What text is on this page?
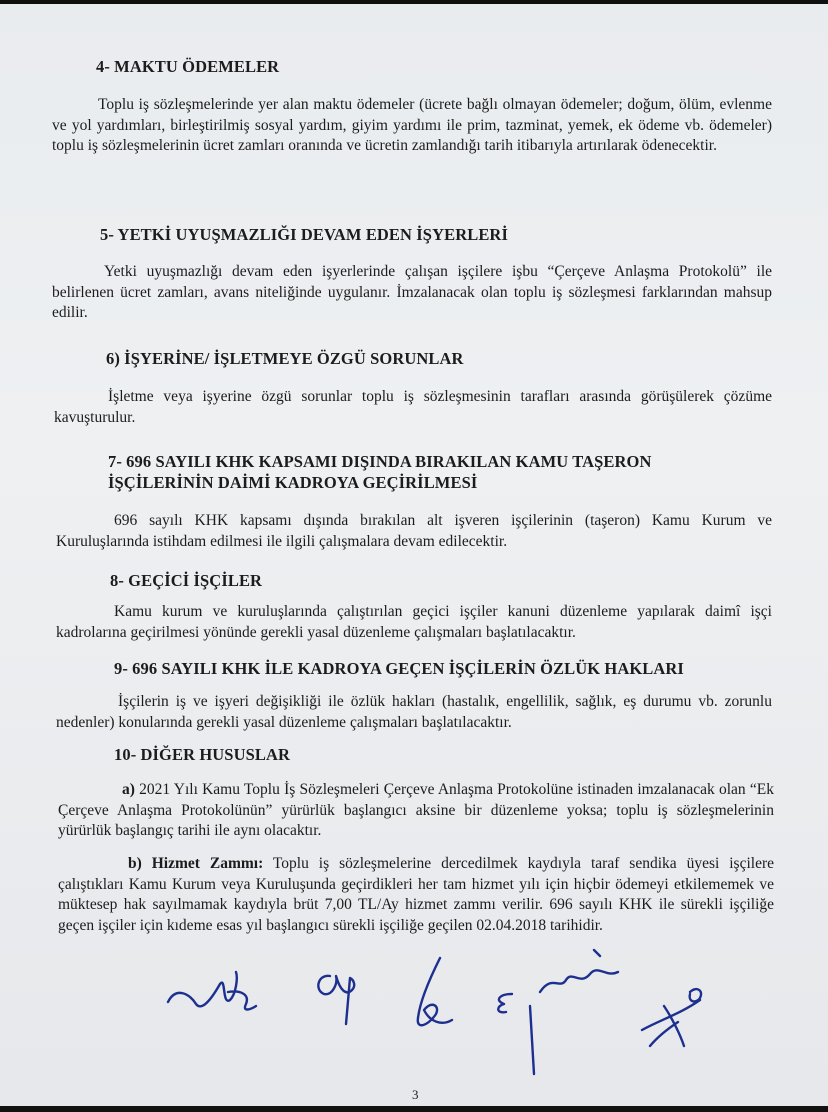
4- MAKTU ÖDEMELER
Toplu iş sözleşmelerinde yer alan maktu ödemeler (ücrete bağlı olmayan ödemeler; doğum, ölüm, evlenme ve yol yardımları, birleştirilmiş sosyal yardım, giyim yardımı ile prim, tazminat, yemek, ek ödeme vb. ödemeler) toplu iş sözleşmelerinin ücret zamları oranında ve ücretin zamlandığı tarih itibarıyla artırılarak ödenecektir.
5- YETKİ UYUŞMAZLIĞI DEVAM EDEN İŞYERLERİ
Yetki uyuşmazlığı devam eden işyerlerinde çalışan işçilere işbu “Çerçeve Anlaşma Protokolü” ile belirlenen ücret zamları, avans niteliğinde uygulanır. İmzalanacak olan toplu iş sözleşmesi farklarından mahsup edilir.
6) İŞYERİNE/ İŞLETMEYE ÖZGÜ SORUNLAR
İşletme veya işyerine özgü sorunlar toplu iş sözleşmesinin tarafları arasında görüşülerek çözüme kavuşturulur.
7- 696 SAYILI KHK KAPSAMI DIŞINDA BIRAKILAN KAMU TAŞERON
İŞÇİLERİNİN DAİMİ KADROYA GEÇİRİLMESİ
696 sayılı KHK kapsamı dışında bırakılan alt işveren işçilerinin (taşeron) Kamu Kurum ve Kuruluşlarında istihdam edilmesi ile ilgili çalışmalara devam edilecektir.
8- GEÇİCİ İŞÇİLER
Kamu kurum ve kuruluşlarında çalıştırılan geçici işçiler kanuni düzenleme yapılarak daimî işçi kadrolarına geçirilmesi yönünde gerekli yasal düzenleme çalışmaları başlatılacaktır.
9- 696 SAYILI KHK İLE KADROYA GEÇEN İŞÇİLERİN ÖZLÜK HAKLARI
İşçilerin iş ve işyeri değişikliği ile özlük hakları (hastalık, engellilik, sağlık, eş durumu vb. zorunlu nedenler) konularında gerekli yasal düzenleme çalışmaları başlatılacaktır.
10- DİĞER HUSUSLAR
a) 2021 Yılı Kamu Toplu İş Sözleşmeleri Çerçeve Anlaşma Protokolüne istinaden imzalanacak olan “Ek Çerçeve Anlaşma Protokolünün” yürürlük başlangıcı aksine bir düzenleme yoksa; toplu iş sözleşmelerinin yürürlük başlangıç tarihi ile aynı olacaktır.
b) Hizmet Zammı: Toplu iş sözleşmelerine dercedilmek kaydıyla taraf sendika üyesi işçilere çalıştıkları Kamu Kurum veya Kuruluşunda geçirdikleri her tam hizmet yılı için hiçbir ödemeyi etkilememek ve müktesep hak sayılmamak kaydıyla brüt 7,00 TL/Ay hizmet zammı verilir. 696 sayılı KHK ile sürekli işçiliğe geçen işçiler için kıdeme esas yıl başlangıcı sürekli işçiliğe geçilen 02.04.2018 tarihidir.
3
